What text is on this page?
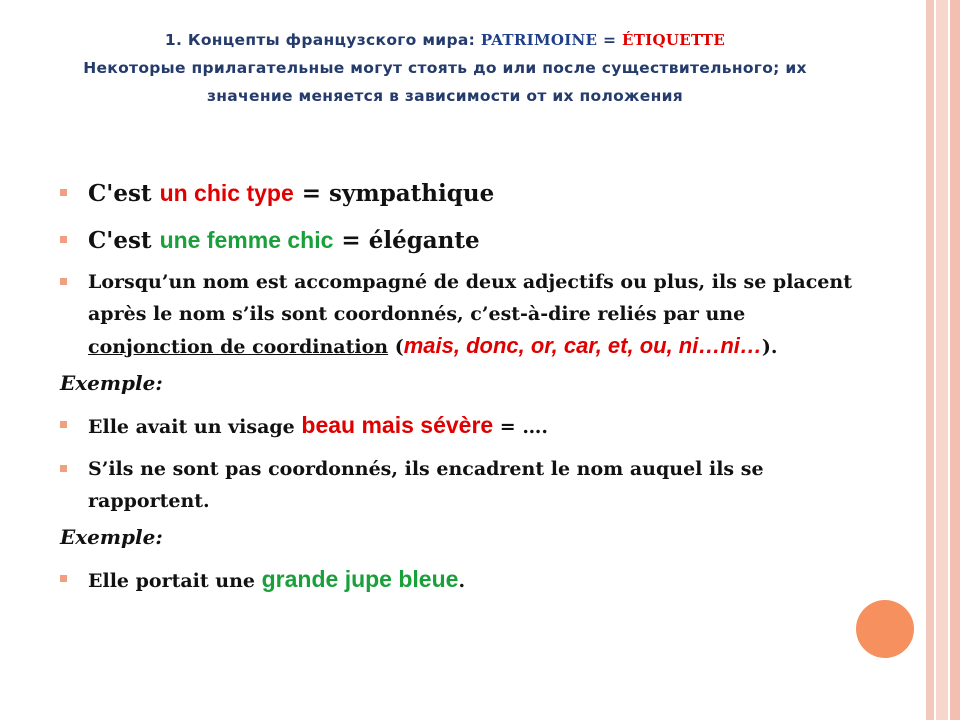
1. Концепты французского мира: PATRIMOINE = ÉTIQUETTE
Некоторые прилагательные могут стоять до или после существительного; их значение меняется в зависимости от их положения
C'est un chic type = sympathique
C'est une femme chic = élégante
Lorsqu’un nom est accompagné de deux adjectifs ou plus, ils se placent après le nom s’ils sont coordonnés, c’est-à-dire reliés par une conjonction de coordination (mais, donc, or, car, et, ou, ni…ni…).
Exemple:
Elle avait un visage beau mais sévère = ….
S’ils ne sont pas coordonnés, ils encadrent le nom auquel ils se rapportent.
Exemple:
Elle portait une grande jupe bleue.
